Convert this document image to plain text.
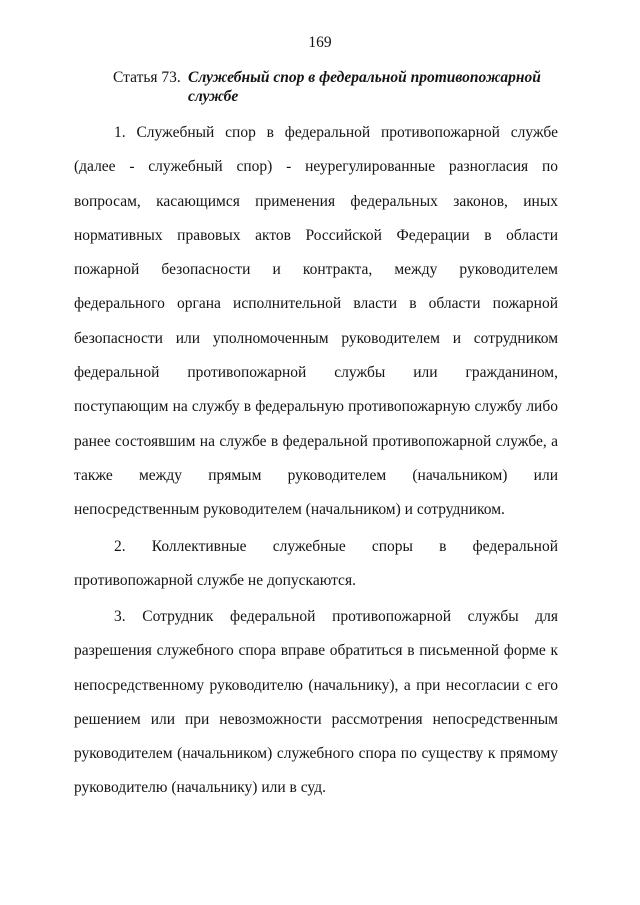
169
Статья 73. Служебный спор в федеральной противопожарной службе

1. Служебный спор в федеральной противопожарной службе (далее - служебный спор) - неурегулированные разногласия по вопросам, касающимся применения федеральных законов, иных нормативных правовых актов Российской Федерации в области пожарной безопасности и контракта, между руководителем федерального органа исполнительной власти в области пожарной безопасности или уполномоченным руководителем и сотрудником федеральной противопожарной службы или гражданином, поступающим на службу в федеральную противопожарную службу либо ранее состоявшим на службе в федеральной противопожарной службе, а также между прямым руководителем (начальником) или непосредственным руководителем (начальником) и сотрудником.

2. Коллективные служебные споры в федеральной противопожарной службе не допускаются.

3. Сотрудник федеральной противопожарной службы для разрешения служебного спора вправе обратиться в письменной форме к непосредственному руководителю (начальнику), а при несогласии с его решением или при невозможности рассмотрения непосредственным руководителем (начальником) служебного спора по существу к прямому руководителю (начальнику) или в суд.
